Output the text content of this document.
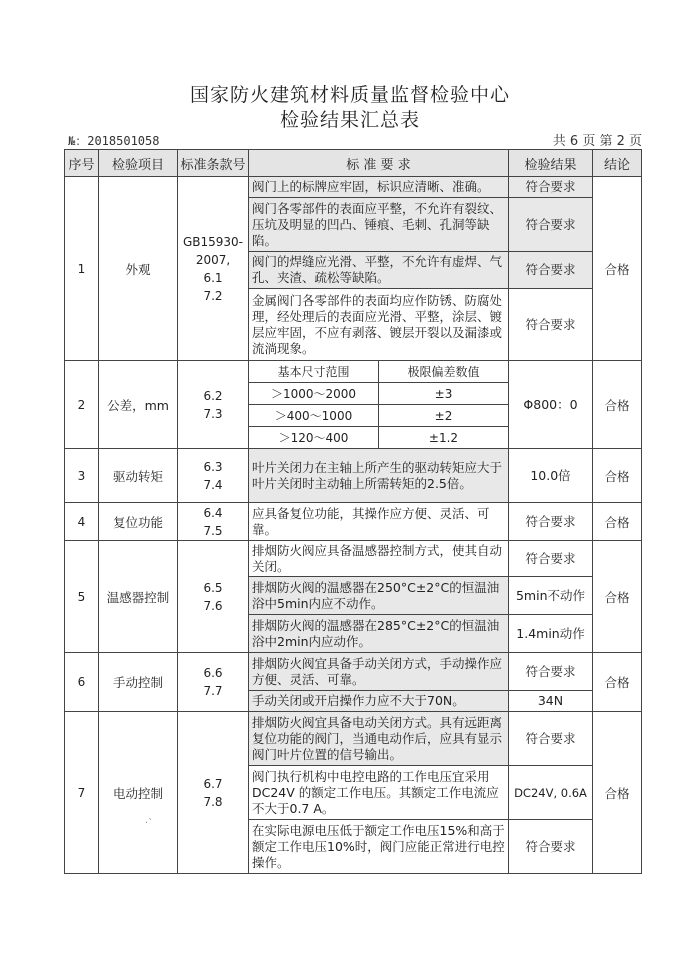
国家防火建筑材料质量监督检验中心
检验结果汇总表
№：2018501058	共 6 页 第 2 页
序号	检验项目	标准条款号	标 准 要 求	检验结果	结论
1	外观	GB15930-
2007,
6.1
7.2	阀门上的标牌应牢固，标识应清晰、准确。	符合要求	合格
阀门各零部件的表面应平整，不允许有裂纹、压坑及明显的凹凸、锤痕、毛刺、孔洞等缺陷。	符合要求
阀门的焊缝应光滑、平整，不允许有虚焊、气孔、夹渣、疏松等缺陷。	符合要求
金属阀门各零部件的表面均应作防锈、防腐处理，经处理后的表面应光滑、平整，涂层、镀层应牢固，不应有剥落、镀层开裂以及漏漆或流淌现象。	符合要求
2	公差，mm	6.2
7.3	
基本尺寸范围	极限偏差数值
＞1000～2000	±3
＞400～1000	±2
＞120～400	±1.2
	Φ800：0	合格
3	驱动转矩	6.3
7.4	叶片关闭力在主轴上所产生的驱动转矩应大于叶片关闭时主动轴上所需转矩的2.5倍。	10.0倍	合格
4	复位功能	6.4
7.5	应具备复位功能，其操作应方便、灵活、可靠。	符合要求	合格
5	温感器控制	6.5
7.6	排烟防火阀应具备温感器控制方式，使其自动关闭。	符合要求	合格
排烟防火阀的温感器在250°C±2°C的恒温油浴中5min内应不动作。	5min不动作
排烟防火阀的温感器在285°C±2°C的恒温油浴中2min内应动作。	1.4min动作
6	手动控制	6.6
7.7	排烟防火阀宜具备手动关闭方式，手动操作应方便、灵活、可靠。	符合要求	合格
手动关闭或开启操作力应不大于70N。	34N
7	电动控制	6.7
7.8	排烟防火阀宜具备电动关闭方式。具有远距离复位功能的阀门，当通电动作后，应具有显示阀门叶片位置的信号输出。	符合要求	合格
阀门执行机构中电控电路的工作电压宜采用 DC24V 的额定工作电压。其额定工作电流应不大于0.7 A。	DC24V, 0.6A
在实际电源电压低于额定工作电压15%和高于额定工作电压10%时，阀门应能正常进行电控操作。	符合要求
·ˋ
